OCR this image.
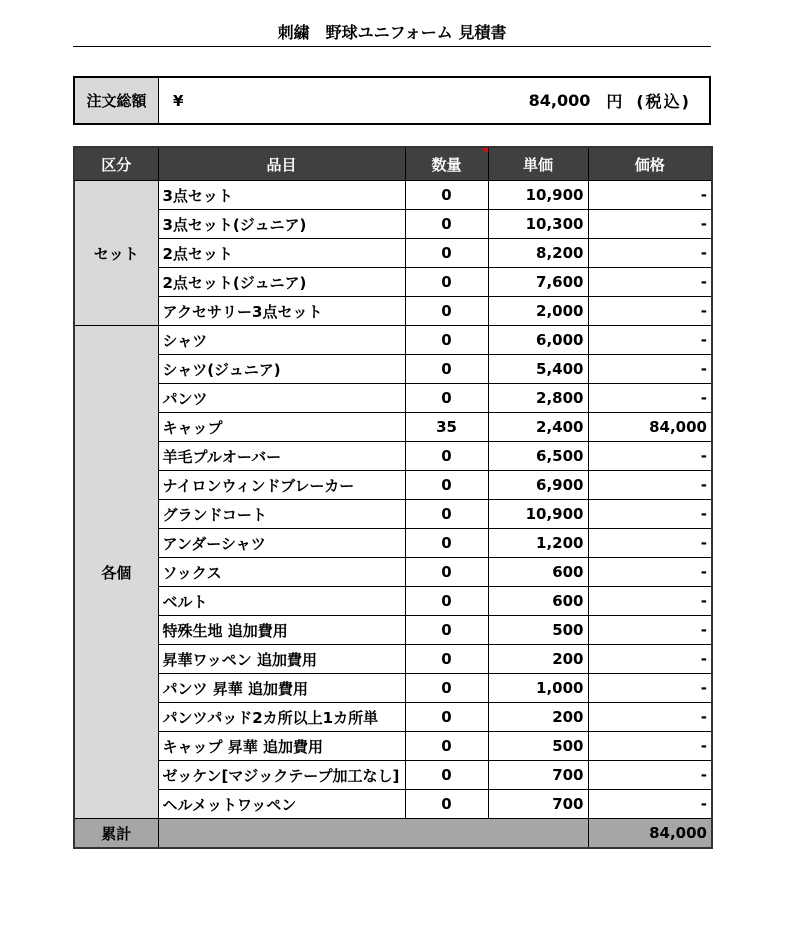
刺繍　野球ユニフォーム 見積書
注文総額	¥	84,000 円 (税込)
区分	品目	数量	単価	価格
セット	3点セット	0	10,900	-
	3点セット(ジュニア)	0	10,300	-
	2点セット	0	8,200	-
	2点セット(ジュニア)	0	7,600	-
	アクセサリー3点セット	0	2,000	-
各個	シャツ	0	6,000	-
	シャツ(ジュニア)	0	5,400	-
	パンツ	0	2,800	-
	キャップ	35	2,400	84,000
	羊毛プルオーバー	0	6,500	-
	ナイロンウィンドブレーカー	0	6,900	-
	グランドコート	0	10,900	-
	アンダーシャツ	0	1,200	-
	ソックス	0	600	-
	ベルト	0	600	-
	特殊生地 追加費用	0	500	-
	昇華ワッペン 追加費用	0	200	-
	パンツ 昇華 追加費用	0	1,000	-
	パンツパッド2カ所以上1カ所単	0	200	-
	キャップ 昇華 追加費用	0	500	-
	ゼッケン[マジックテープ加工なし]	0	700	-
	ヘルメットワッペン	0	700	-
累計				84,000
